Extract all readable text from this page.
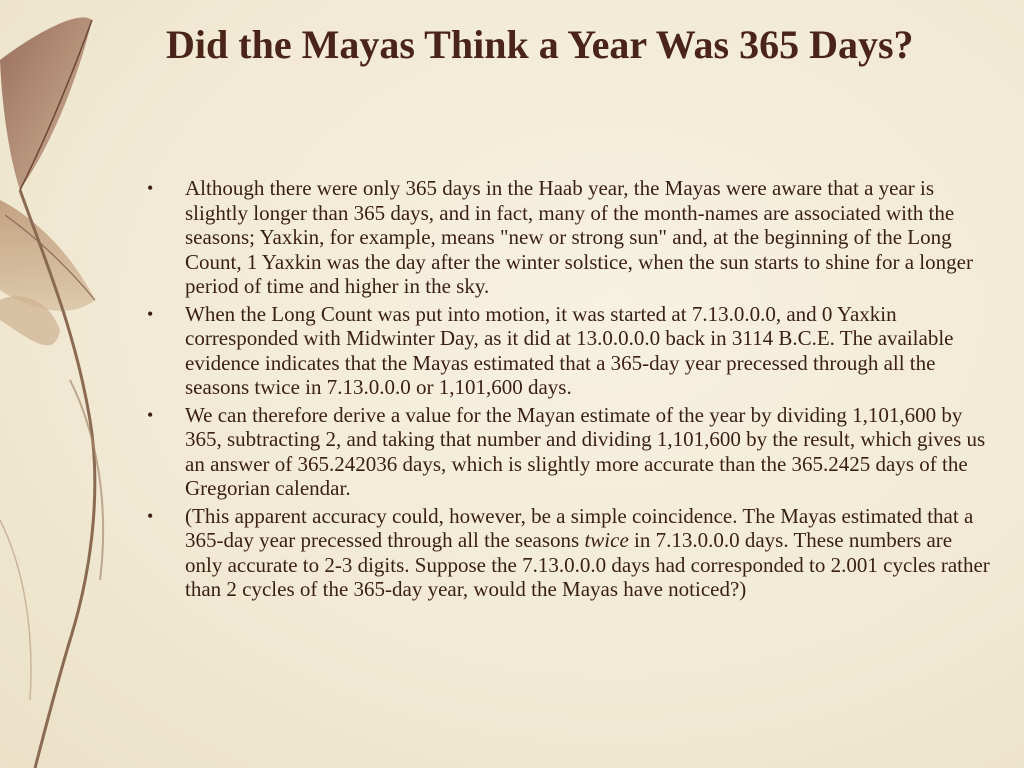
Did the Mayas Think a Year Was 365 Days?
•	Although there were only 365 days in the Haab year, the Mayas were aware that a year is slightly longer than 365 days, and in fact, many of the month-names are associated with the seasons; Yaxkin, for example, means "new or strong sun" and, at the beginning of the Long Count, 1 Yaxkin was the day after the winter solstice, when the sun starts to shine for a longer period of time and higher in the sky.
•	When the Long Count was put into motion, it was started at 7.13.0.0.0, and 0 Yaxkin corresponded with Midwinter Day, as it did at 13.0.0.0.0 back in 3114 B.C.E. The available evidence indicates that the Mayas estimated that a 365-day year precessed through all the seasons twice in 7.13.0.0.0 or 1,101,600 days.
•	We can therefore derive a value for the Mayan estimate of the year by dividing 1,101,600 by 365, subtracting 2, and taking that number and dividing 1,101,600 by the result, which gives us an answer of 365.242036 days, which is slightly more accurate than the 365.2425 days of the Gregorian calendar.
•	(This apparent accuracy could, however, be a simple coincidence. The Mayas estimated that a 365-day year precessed through all the seasons twice in 7.13.0.0.0 days. These numbers are only accurate to 2-3 digits. Suppose the 7.13.0.0.0 days had corresponded to 2.001 cycles rather than 2 cycles of the 365-day year, would the Mayas have noticed?)
